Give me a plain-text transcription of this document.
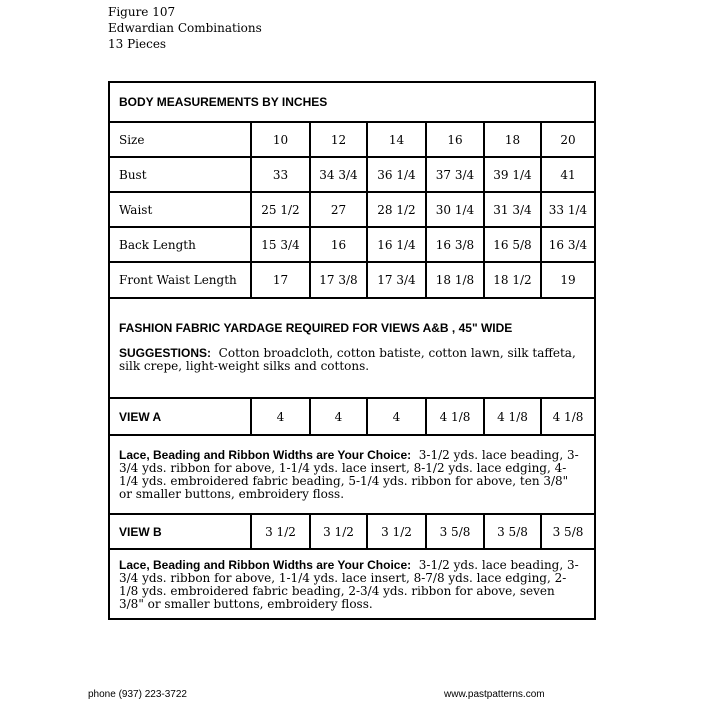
Figure 107
Edwardian Combinations
13 Pieces
BODY MEASUREMENTS BY INCHES
Size	10	12	14	16	18	20
Bust	33	34 3/4	36 1/4	37 3/4	39 1/4	41
Waist	25 1/2	27	28 1/2	30 1/4	31 3/4	33 1/4
Back Length	15 3/4	16	16 1/4	16 3/8	16 5/8	16 3/4
Front Waist Length	17	17 3/8	17 3/4	18 1/8	18 1/2	19
FASHION FABRIC YARDAGE REQUIRED FOR VIEWS A&B , 45" WIDE
SUGGESTIONS: Cotton broadcloth, cotton batiste, cotton lawn, silk taffeta, silk crepe, light-weight silks and cottons.
VIEW A	4	4	4	4 1/8	4 1/8	4 1/8
Lace, Beading and Ribbon Widths are Your Choice: 3-1/2 yds. lace beading, 3-3/4 yds. ribbon for above, 1-1/4 yds. lace insert, 8-1/2 yds. lace edging, 4-1/4 yds. embroidered fabric beading, 5-1/4 yds. ribbon for above, ten 3/8" or smaller buttons, embroidery floss.
VIEW B	3 1/2	3 1/2	3 1/2	3 5/8	3 5/8	3 5/8
Lace, Beading and Ribbon Widths are Your Choice: 3-1/2 yds. lace beading, 3-3/4 yds. ribbon for above, 1-1/4 yds. lace insert, 8-7/8 yds. lace edging, 2-1/8 yds. embroidered fabric beading, 2-3/4 yds. ribbon for above, seven 3/8" or smaller buttons, embroidery floss.
phone (937) 223-3722	www.pastpatterns.com
